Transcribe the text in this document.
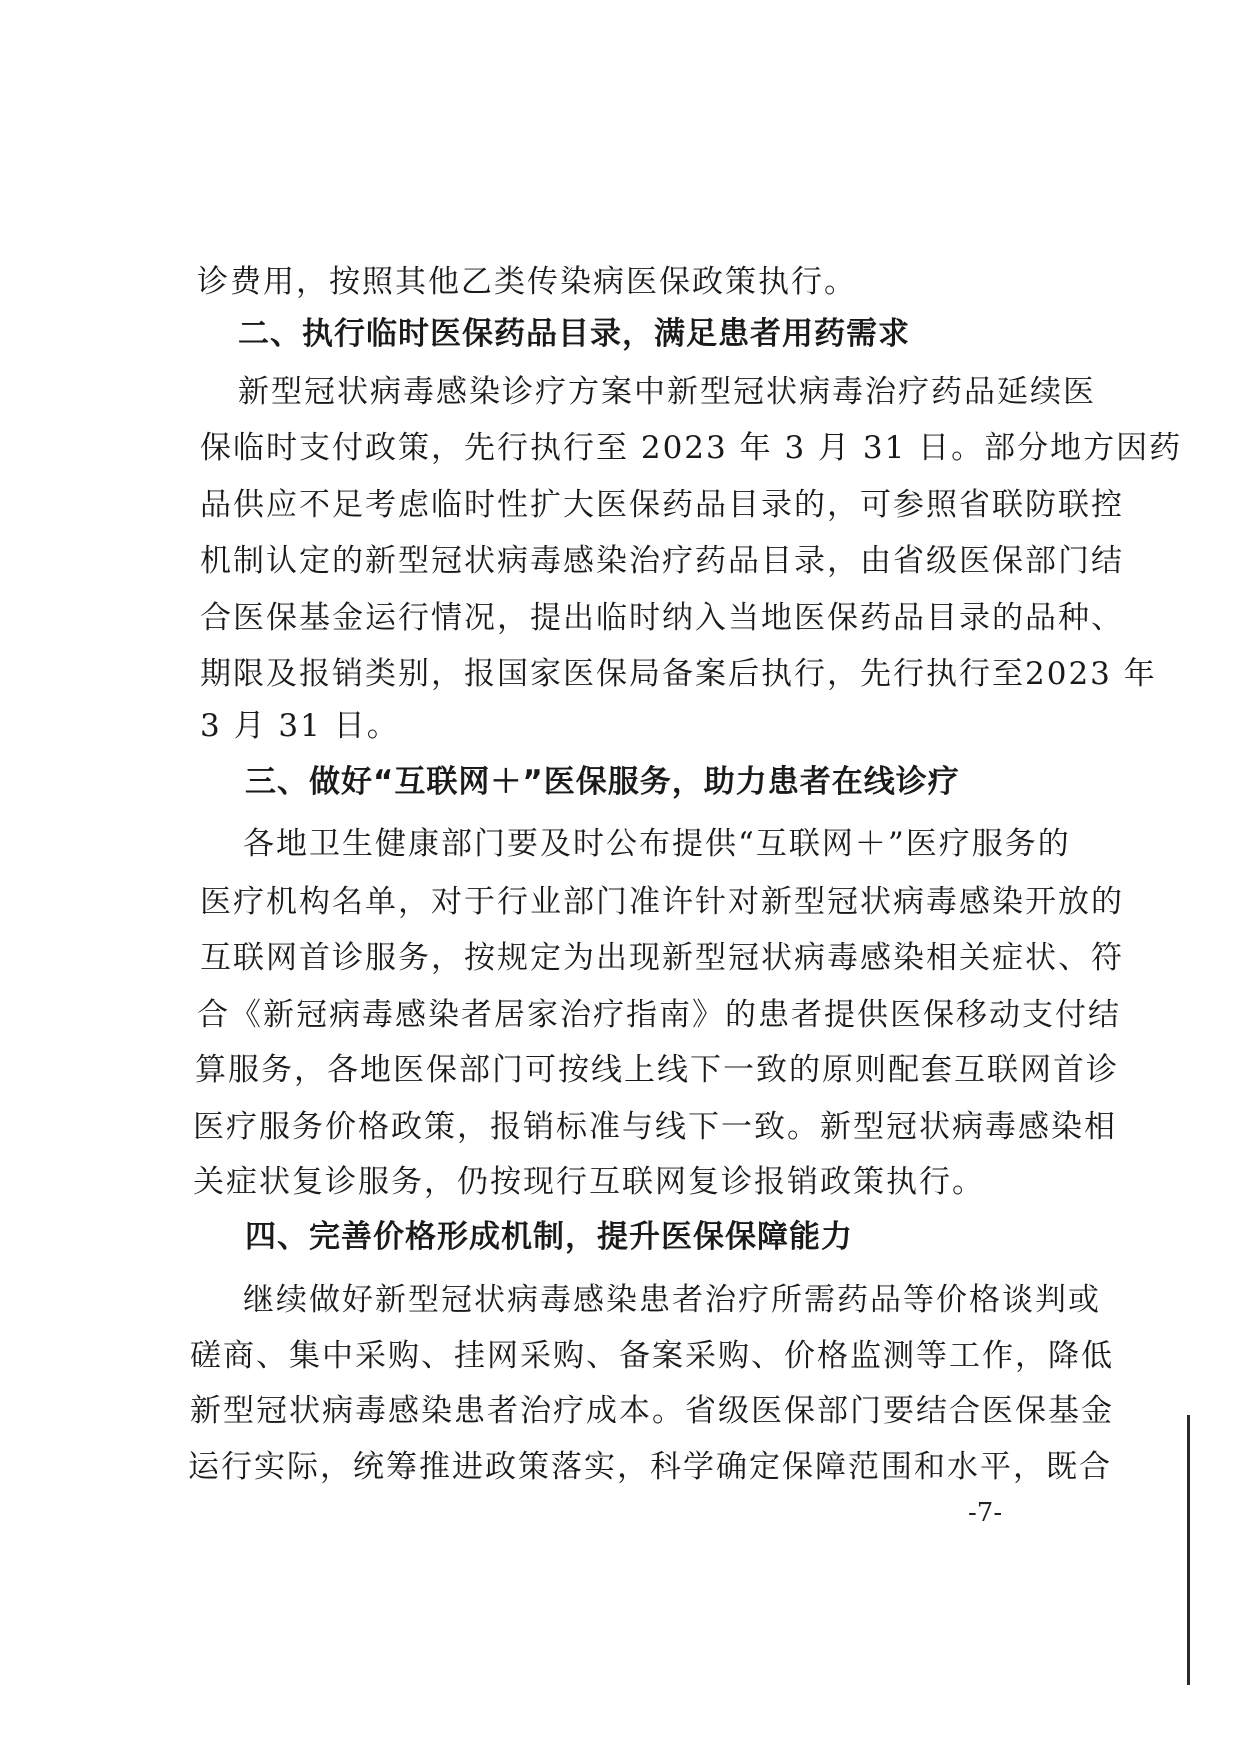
诊费用，按照其他乙类传染病医保政策执行。
二、执行临时医保药品目录，满足患者用药需求
新型冠状病毒感染诊疗方案中新型冠状病毒治疗药品延续医
保临时支付政策，先行执行至 2023 年 3 月 31 日。部分地方因药
品供应不足考虑临时性扩大医保药品目录的，可参照省联防联控
机制认定的新型冠状病毒感染治疗药品目录，由省级医保部门结
合医保基金运行情况，提出临时纳入当地医保药品目录的品种、
期限及报销类别，报国家医保局备案后执行，先行执行至2023 年
3 月 31 日。
三、做好“互联网＋”医保服务，助力患者在线诊疗
各地卫生健康部门要及时公布提供“互联网＋”医疗服务的
医疗机构名单，对于行业部门准许针对新型冠状病毒感染开放的
互联网首诊服务，按规定为出现新型冠状病毒感染相关症状、符
合《新冠病毒感染者居家治疗指南》的患者提供医保移动支付结
算服务，各地医保部门可按线上线下一致的原则配套互联网首诊
医疗服务价格政策，报销标准与线下一致。新型冠状病毒感染相
关症状复诊服务，仍按现行互联网复诊报销政策执行。
四、完善价格形成机制，提升医保保障能力
继续做好新型冠状病毒感染患者治疗所需药品等价格谈判或
磋商、集中采购、挂网采购、备案采购、价格监测等工作，降低
新型冠状病毒感染患者治疗成本。省级医保部门要结合医保基金
运行实际，统筹推进政策落实，科学确定保障范围和水平，既合
-7-
